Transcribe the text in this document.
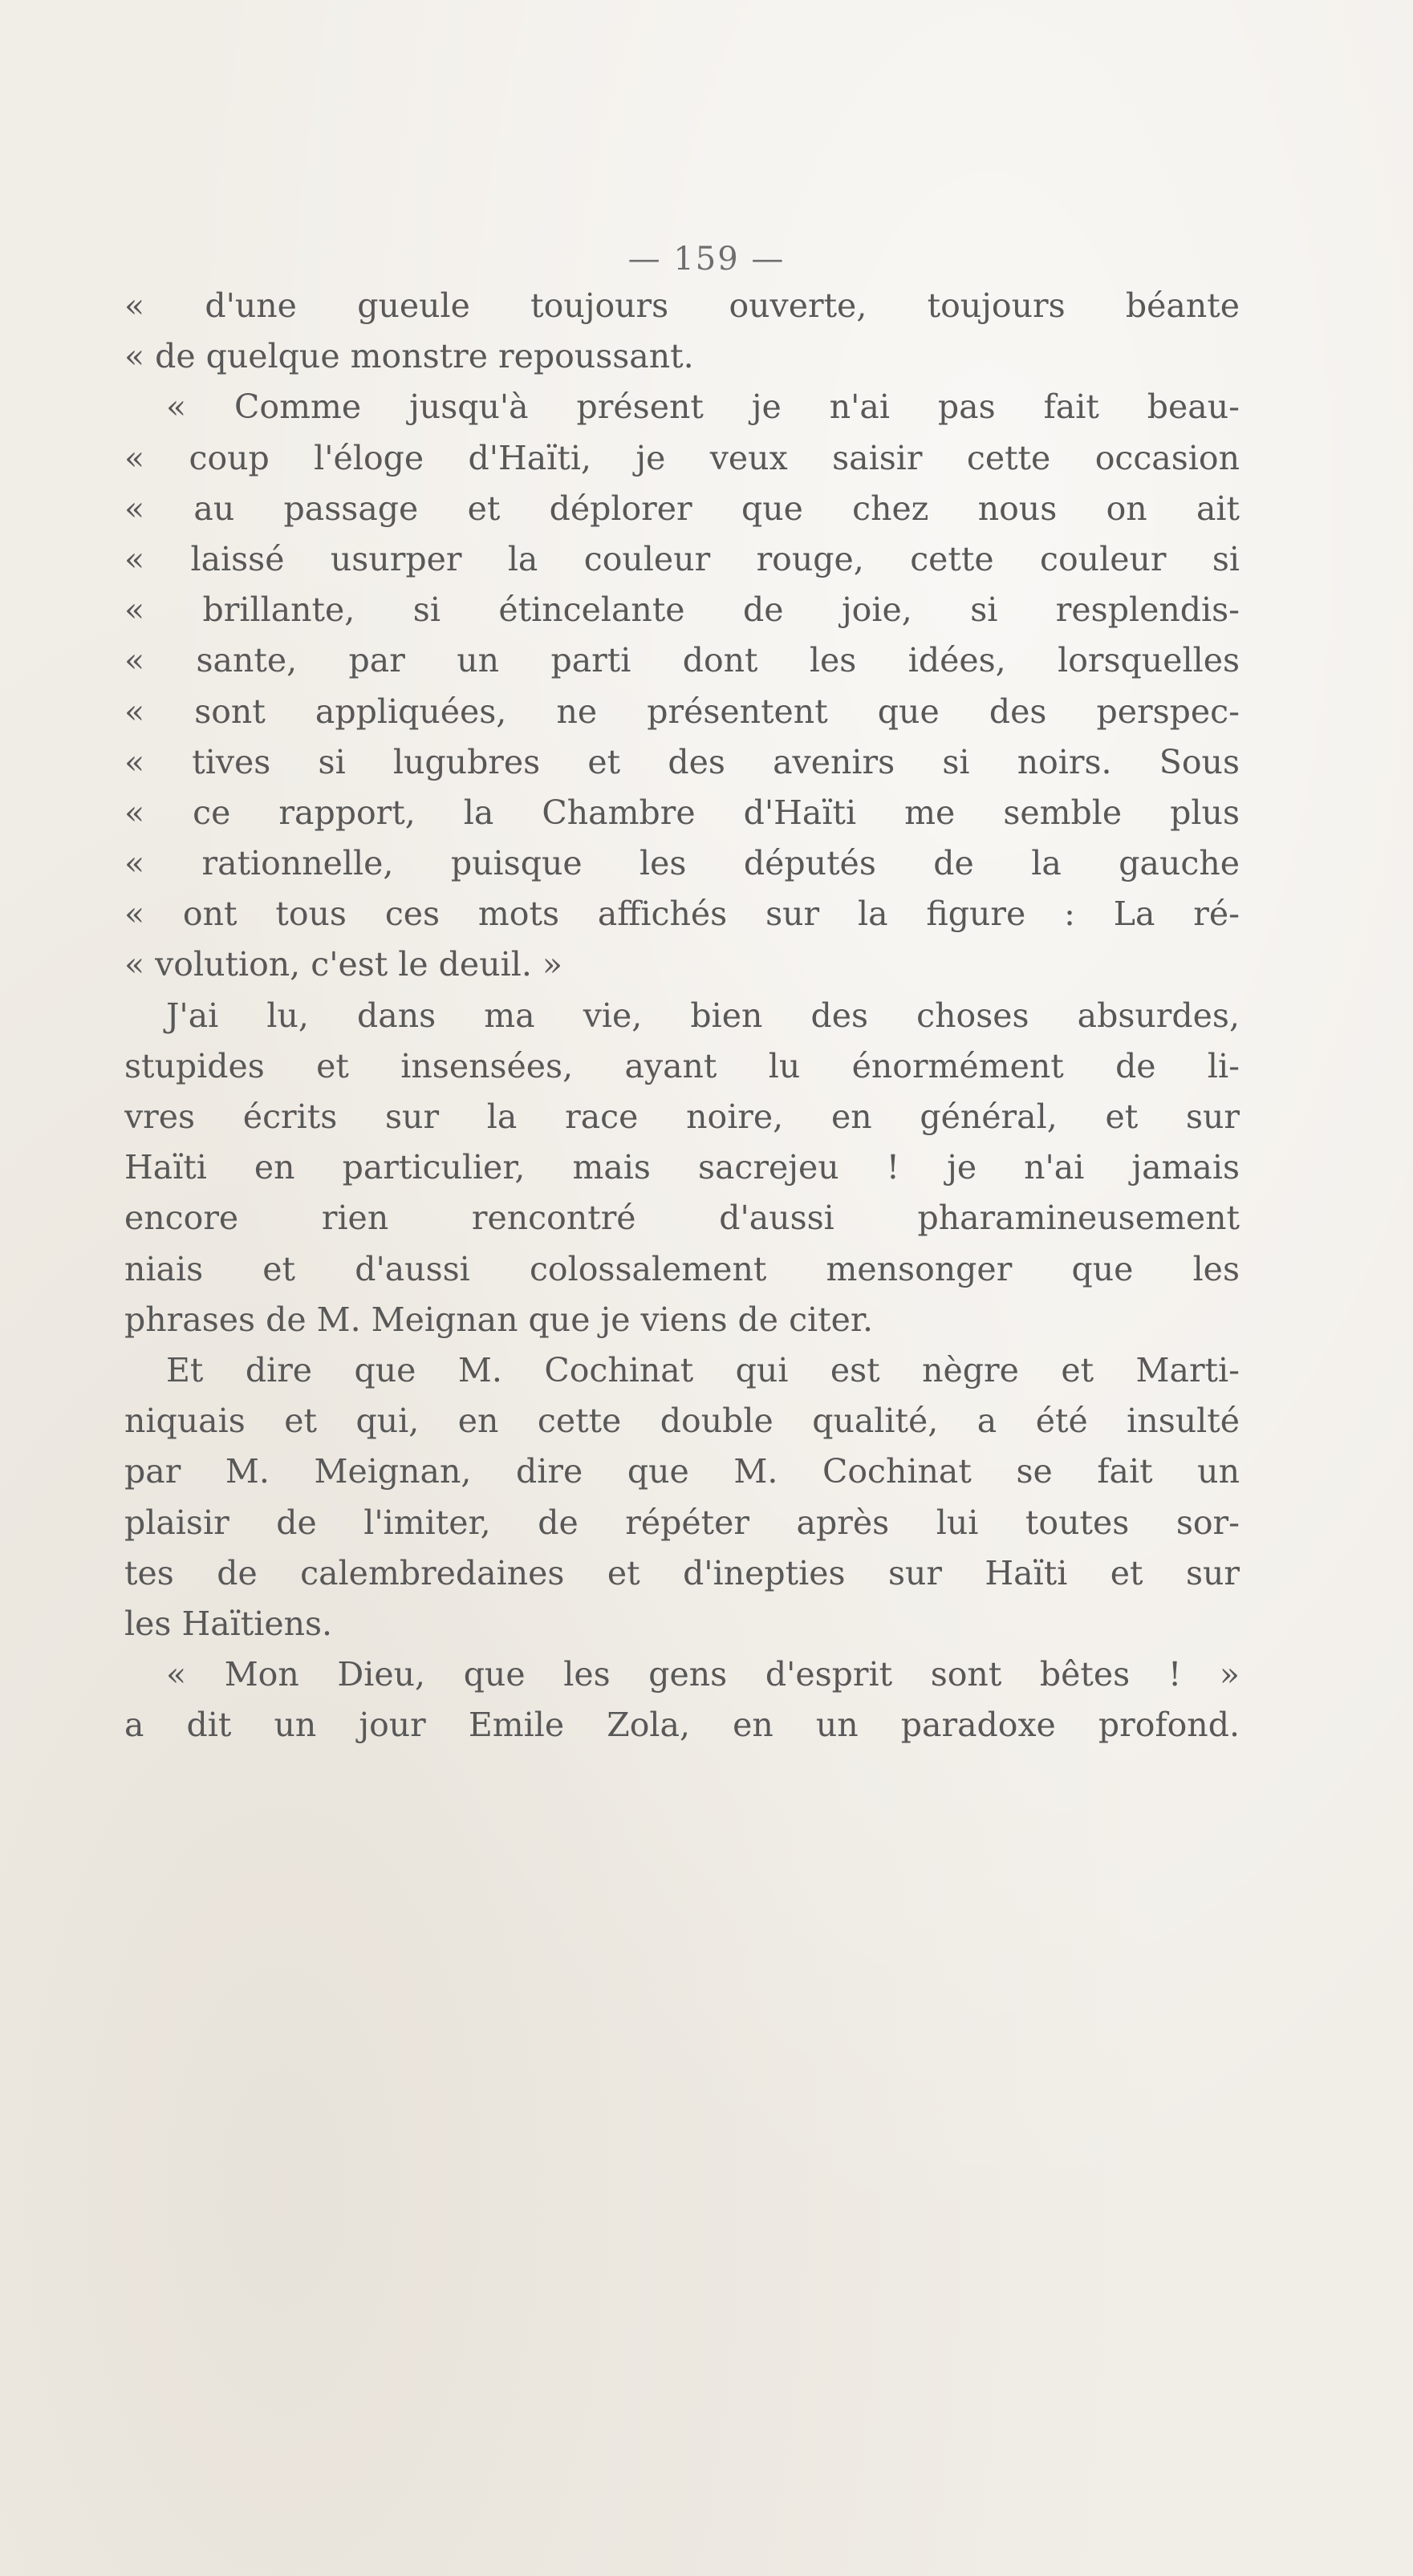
— 159 —
« d'une gueule toujours ouverte, toujours béante
« de quelque monstre repoussant.
« Comme jusqu'à présent je n'ai pas fait beau-
« coup l'éloge d'Haïti, je veux saisir cette occasion
« au passage et déplorer que chez nous on ait
« laissé usurper la couleur rouge, cette couleur si
« brillante, si étincelante de joie, si resplendis-
« sante, par un parti dont les idées, lorsquelles
« sont appliquées, ne présentent que des perspec-
« tives si lugubres et des avenirs si noirs. Sous
« ce rapport, la Chambre d'Haïti me semble plus
« rationnelle, puisque les députés de la gauche
« ont tous ces mots affichés sur la figure : La ré-
« volution, c'est le deuil. »
J'ai lu, dans ma vie, bien des choses absurdes,
stupides et insensées, ayant lu énormément de li-
vres écrits sur la race noire, en général, et sur
Haïti en particulier, mais sacrejeu ! je n'ai jamais
encore rien rencontré d'aussi pharamineusement
niais et d'aussi colossalement mensonger que les
phrases de M. Meignan que je viens de citer.
Et dire que M. Cochinat qui est nègre et Marti-
niquais et qui, en cette double qualité, a été insulté
par M. Meignan, dire que M. Cochinat se fait un
plaisir de l'imiter, de répéter après lui toutes sor-
tes de calembredaines et d'inepties sur Haïti et sur
les Haïtiens.
« Mon Dieu, que les gens d'esprit sont bêtes ! »
a dit un jour Emile Zola, en un paradoxe profond.
